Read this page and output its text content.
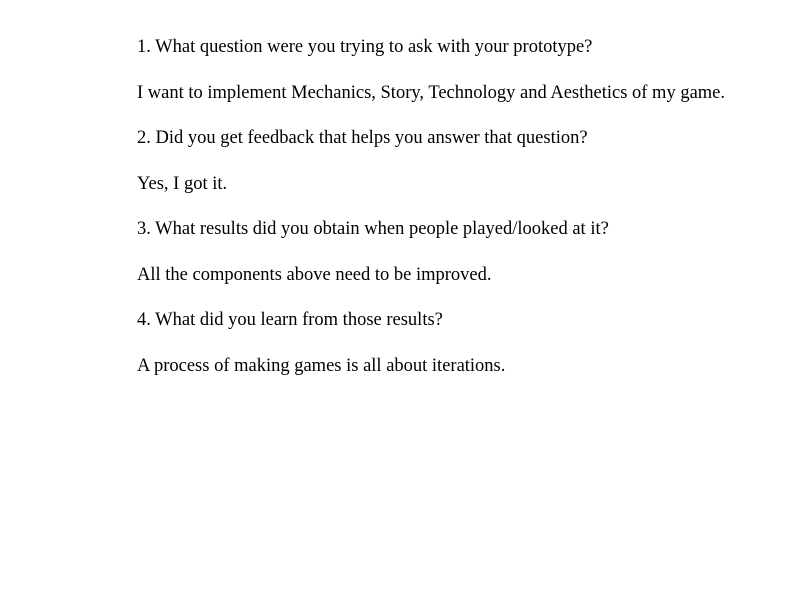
1. What question were you trying to ask with your prototype?

I want to implement Mechanics, Story, Technology and Aesthetics of my game.

2. Did you get feedback that helps you answer that question?

Yes, I got it.

3. What results did you obtain when people played/looked at it?

All the components above need to be improved.

4. What did you learn from those results?

A process of making games is all about iterations.
